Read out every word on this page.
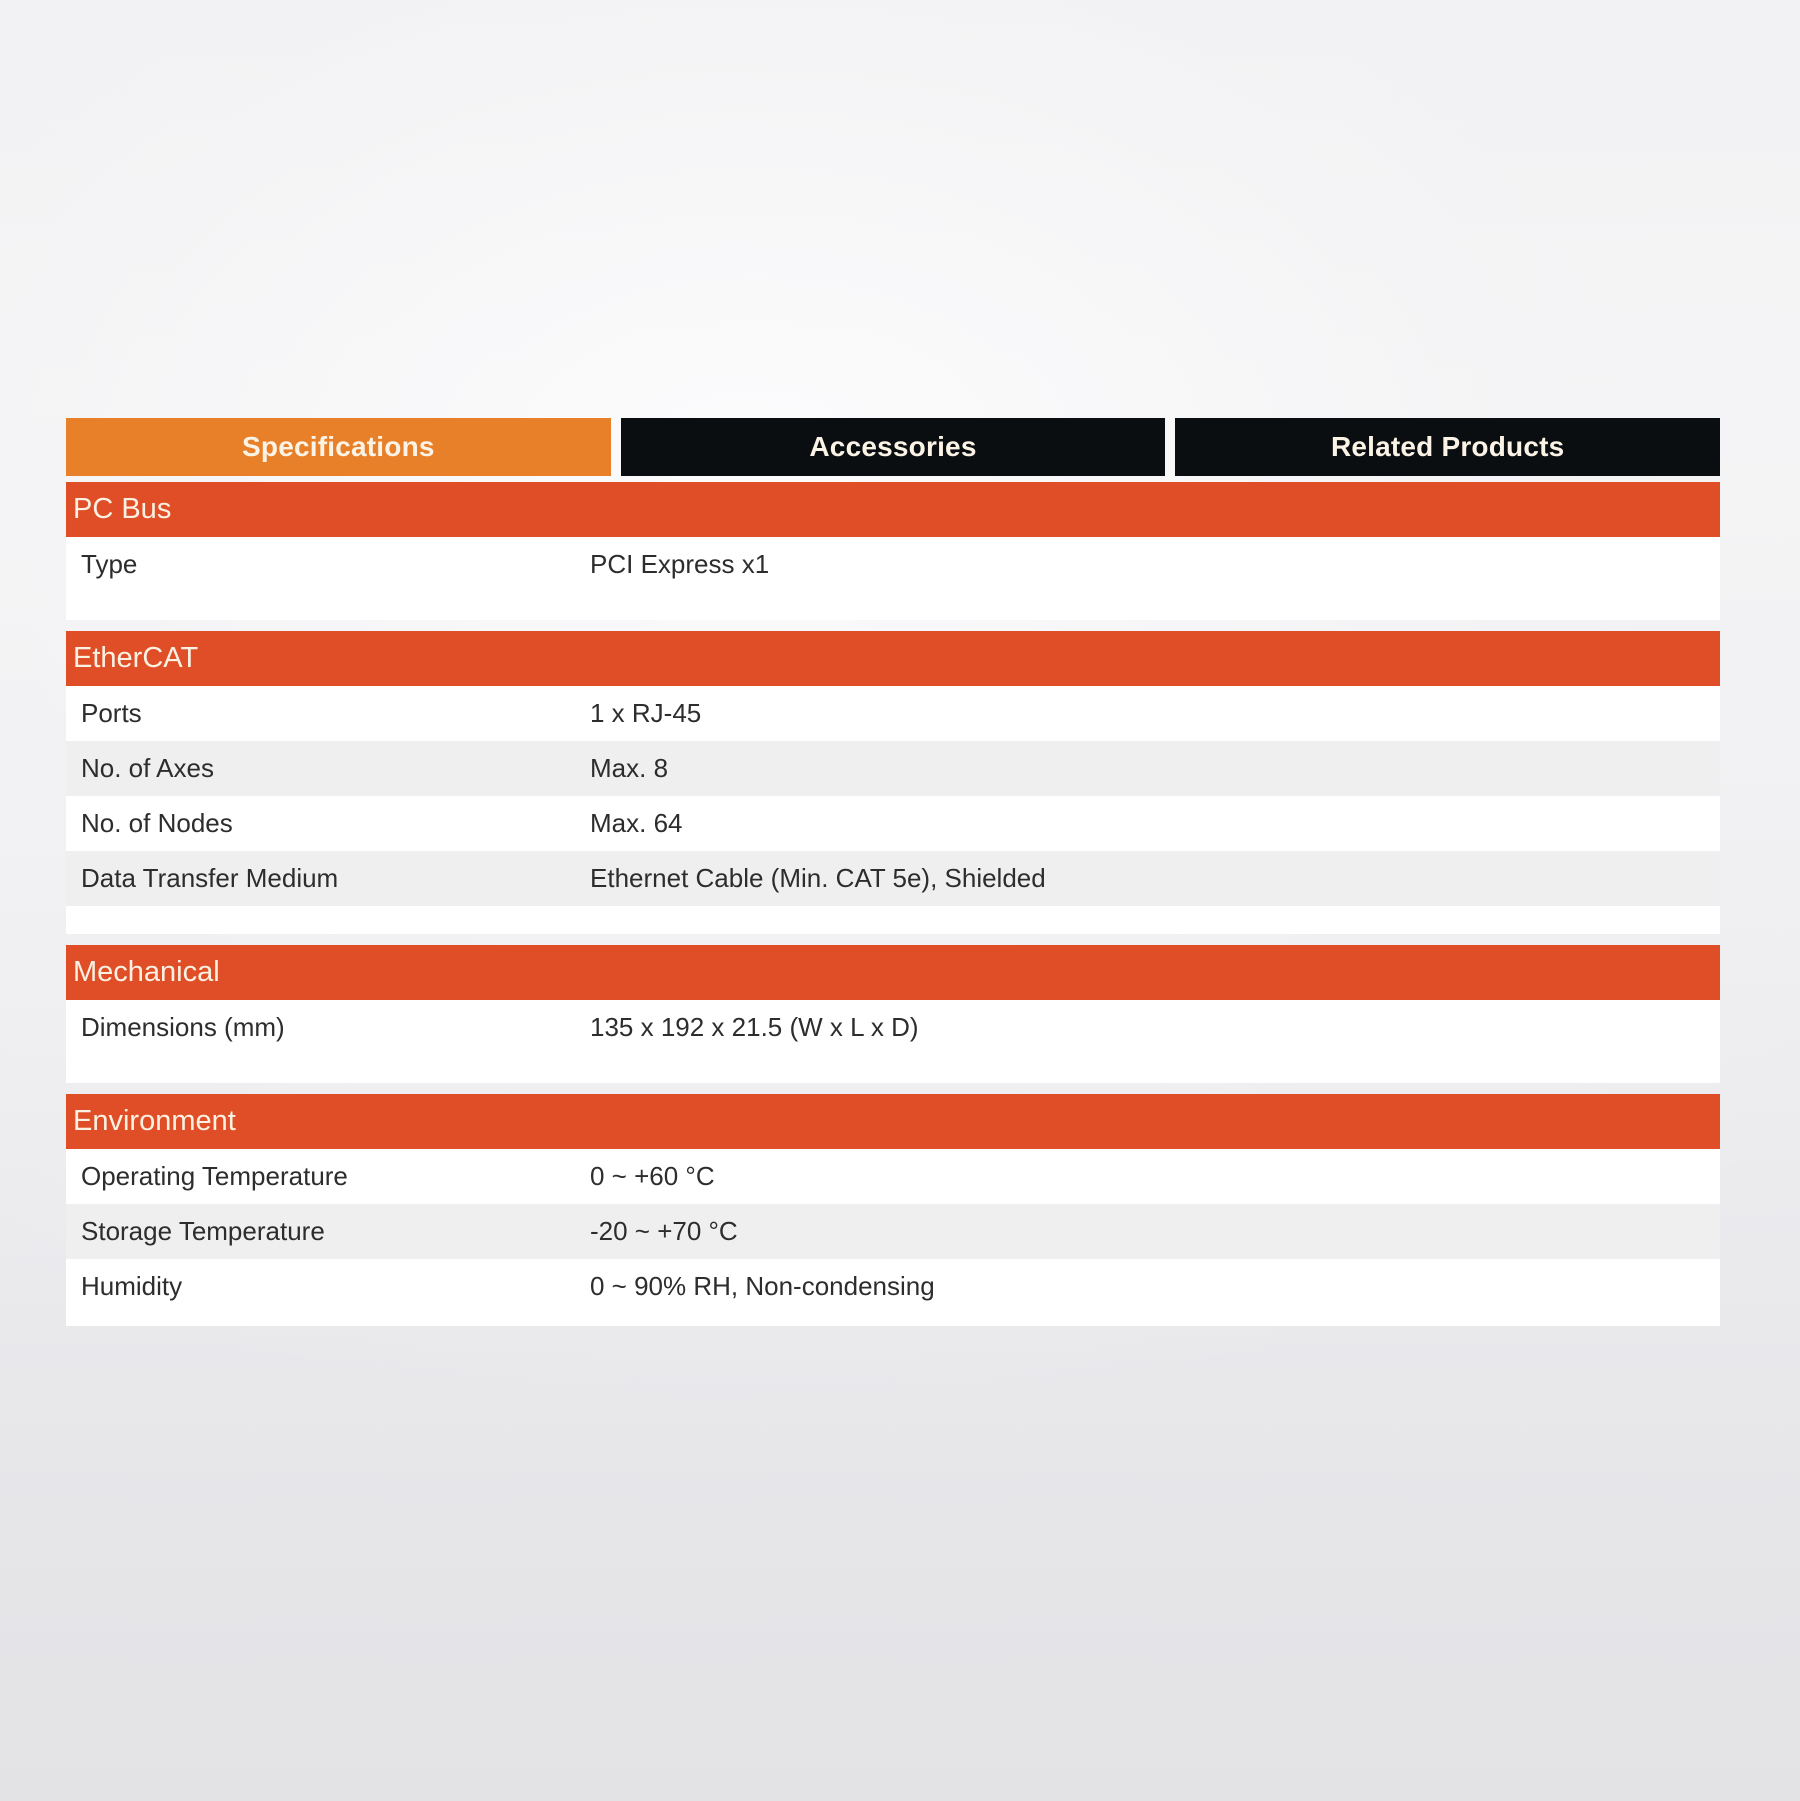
Specifications	Accessories	Related Products
PC Bus
Type	PCI Express x1
EtherCAT
Ports	1 x RJ-45
No. of Axes	Max. 8
No. of Nodes	Max. 64
Data Transfer Medium	Ethernet Cable (Min. CAT 5e), Shielded
Mechanical
Dimensions (mm)	135 x 192 x 21.5 (W x L x D)
Environment
Operating Temperature	0 ~ +60 °C
Storage Temperature	-20 ~ +70 °C
Humidity	0 ~ 90% RH, Non-condensing
